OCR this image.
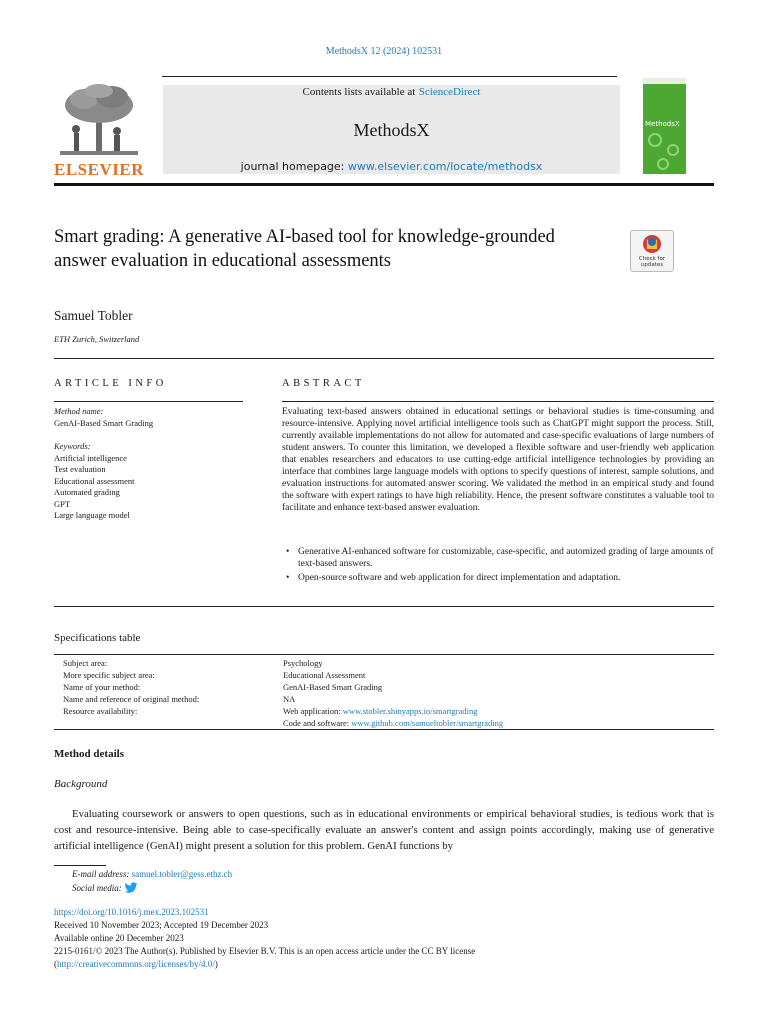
MethodsX 12 (2024) 102531
Contents lists available at ScienceDirect
MethodsX
journal homepage: www.elsevier.com/locate/methodsx
ELSEVIER
MethodsX
Smart grading: A generative AI-based tool for knowledge-grounded answer evaluation in educational assessments	Check for updates
Samuel Tobler
ETH Zurich, Switzerland
ARTICLE INFO	ABSTRACT
Method name:
GenAI-Based Smart Grading
Keywords:
Artificial intelligence
Test evaluation
Educational assessment
Automated grading
GPT
Large language model
Evaluating text-based answers obtained in educational settings or behavioral studies is time-consuming and resource-intensive. Applying novel artificial intelligence tools such as ChatGPT might support the process. Still, currently available implementations do not allow for automated and case-specific evaluations of large numbers of student answers. To counter this limitation, we developed a flexible software and user-friendly web application that enables researchers and educators to use cutting-edge artificial intelligence technologies by providing an interface that combines large language models with options to specify questions of interest, sample solutions, and evaluation instructions for automated answer scoring. We validated the method in an empirical study and found the software with expert ratings to have high reliability. Hence, the present software constitutes a valuable tool to facilitate and enhance text-based answer evaluation.
• Generative AI-enhanced software for customizable, case-specific, and automized grading of large amounts of text-based answers.
• Open-source software and web application for direct implementation and adaptation.
Specifications table
Subject area:
More specific subject area:
Name of your method:
Name and reference of original method:
Resource availability:
Psychology
Educational Assessment
GenAI-Based Smart Grading
NA
Web application: www.stobler.shinyapps.io/smartgrading
Code and software: www.github.com/samueltobler/smartgrading
Method details
Background
Evaluating coursework or answers to open questions, such as in educational environments or empirical behavioral studies, is tedious work that is cost and resource-intensive. Being able to case-specifically evaluate an answer's content and assign points accordingly, making use of generative artificial intelligence (GenAI) might present a solution for this problem. GenAI functions by
E-mail address: samuel.tobler@gess.ethz.ch
Social media:
https://doi.org/10.1016/j.mex.2023.102531
Received 10 November 2023; Accepted 19 December 2023
Available online 20 December 2023
2215-0161/© 2023 The Author(s). Published by Elsevier B.V. This is an open access article under the CC BY license
(http://creativecommons.org/licenses/by/4.0/)
